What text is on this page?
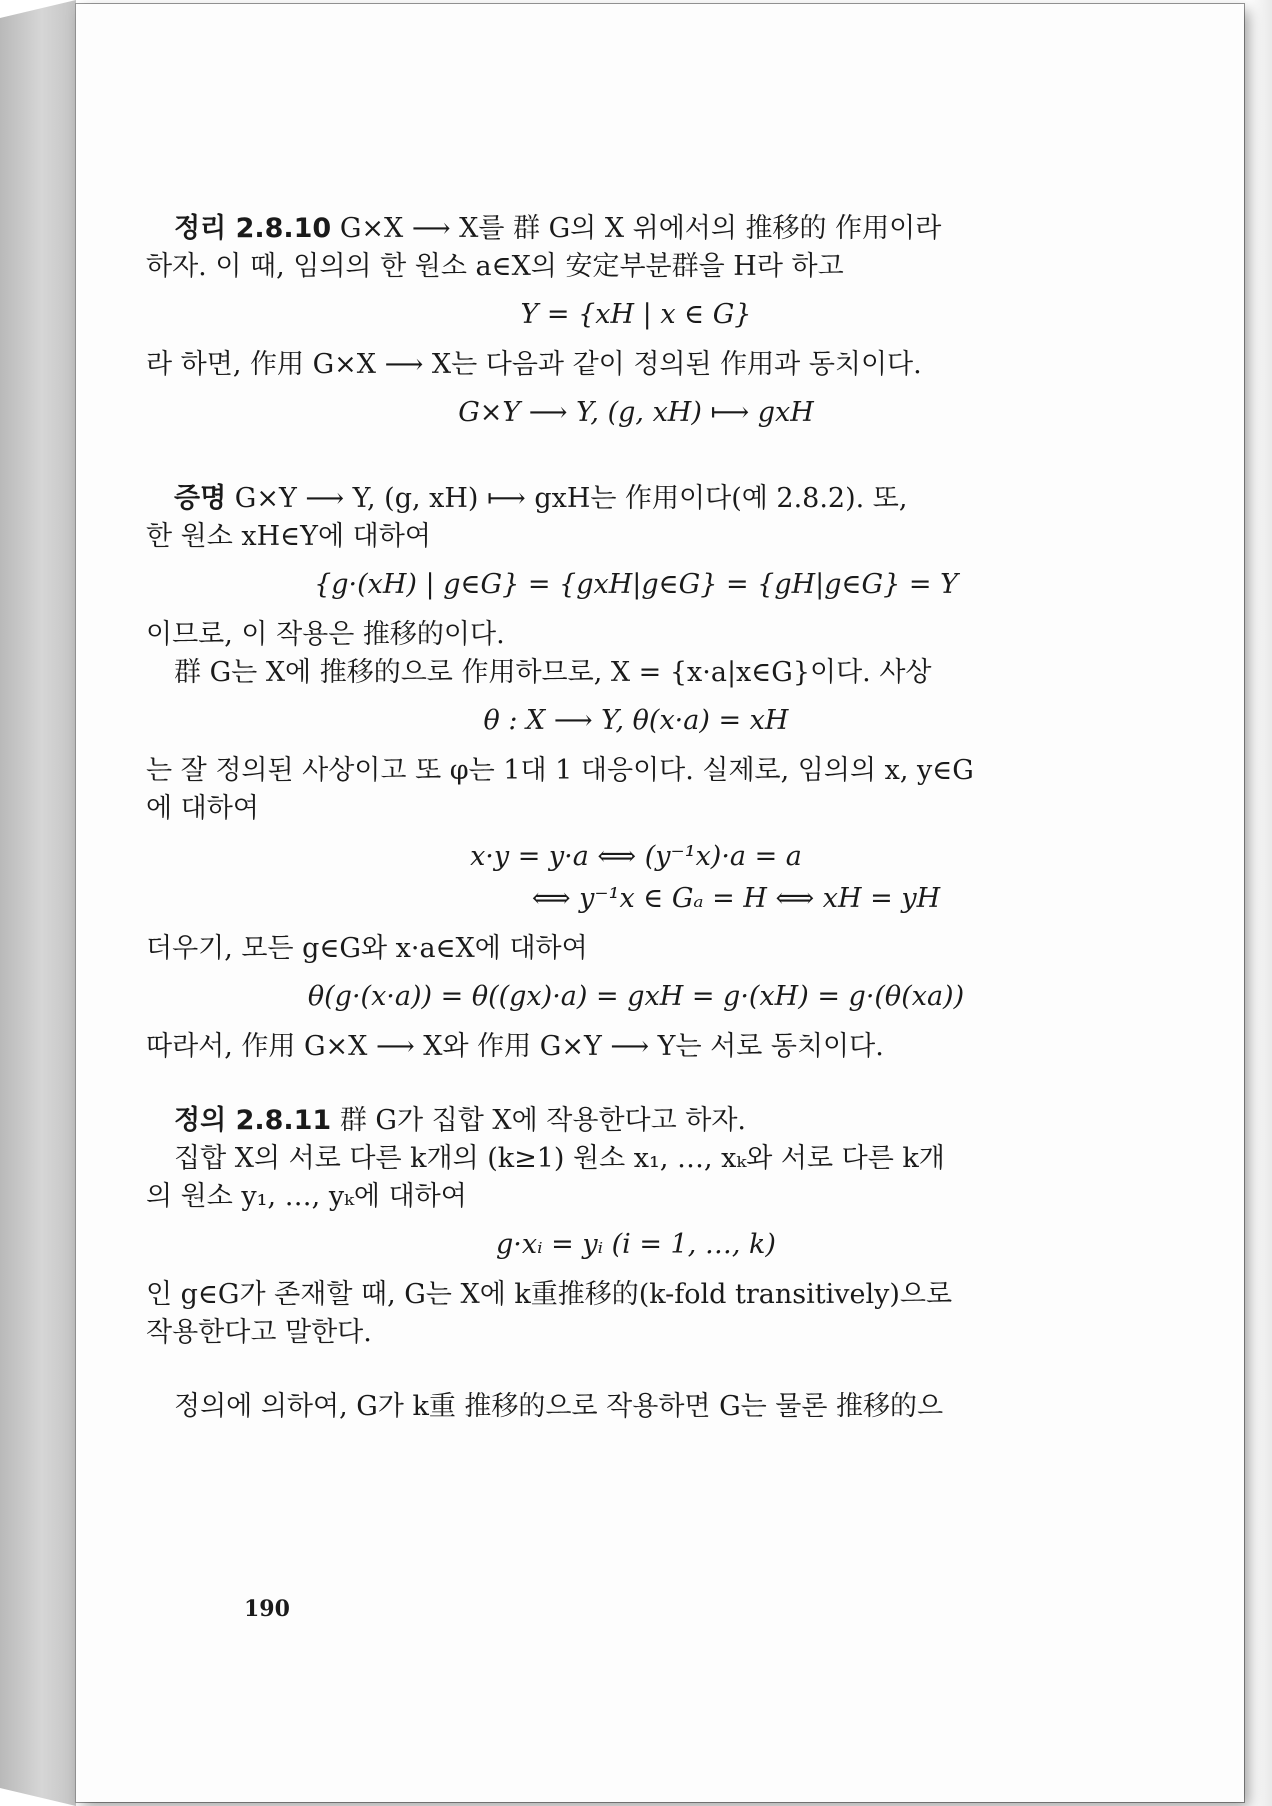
정리 2.8.10 G×X ⟶ X를 群 G의 X 위에서의 推移的 作用이라

하자. 이 때, 임의의 한 원소 a∈X의 安定부분群을 H라 하고

Y = {xH | x ∈ G}

라 하면, 作用 G×X ⟶ X는 다음과 같이 정의된 作用과 동치이다.

G×Y ⟶ Y, (g, xH) ⟼ gxH

증명 G×Y ⟶ Y, (g, xH) ⟼ gxH는 作用이다(예 2.8.2). 또,

한 원소 xH∈Y에 대하여

{g·(xH) | g∈G} = {gxH|g∈G} = {gH|g∈G} = Y

이므로, 이 작용은 推移的이다.

群 G는 X에 推移的으로 作用하므로, X = {x·a|x∈G}이다. 사상

θ : X ⟶ Y, θ(x·a) = xH

는 잘 정의된 사상이고 또 φ는 1대 1 대응이다. 실제로, 임의의 x, y∈G

에 대하여

x·y = y·a ⟺ (y⁻¹x)·a = a

⟺ y⁻¹x ∈ Gₐ = H ⟺ xH = yH

더우기, 모든 g∈G와 x·a∈X에 대하여

θ(g·(x·a)) = θ((gx)·a) = gxH = g·(xH) = g·(θ(xa))

따라서, 作用 G×X ⟶ X와 作用 G×Y ⟶ Y는 서로 동치이다.

정의 2.8.11 群 G가 집합 X에 작용한다고 하자.

집합 X의 서로 다른 k개의 (k≥1) 원소 x₁, …, xₖ와 서로 다른 k개

의 원소 y₁, …, yₖ에 대하여

g·xᵢ = yᵢ (i = 1, …, k)

인 g∈G가 존재할 때, G는 X에 k重推移的(k-fold transitively)으로

작용한다고 말한다.

정의에 의하여, G가 k重 推移的으로 작용하면 G는 물론 推移的으

190
